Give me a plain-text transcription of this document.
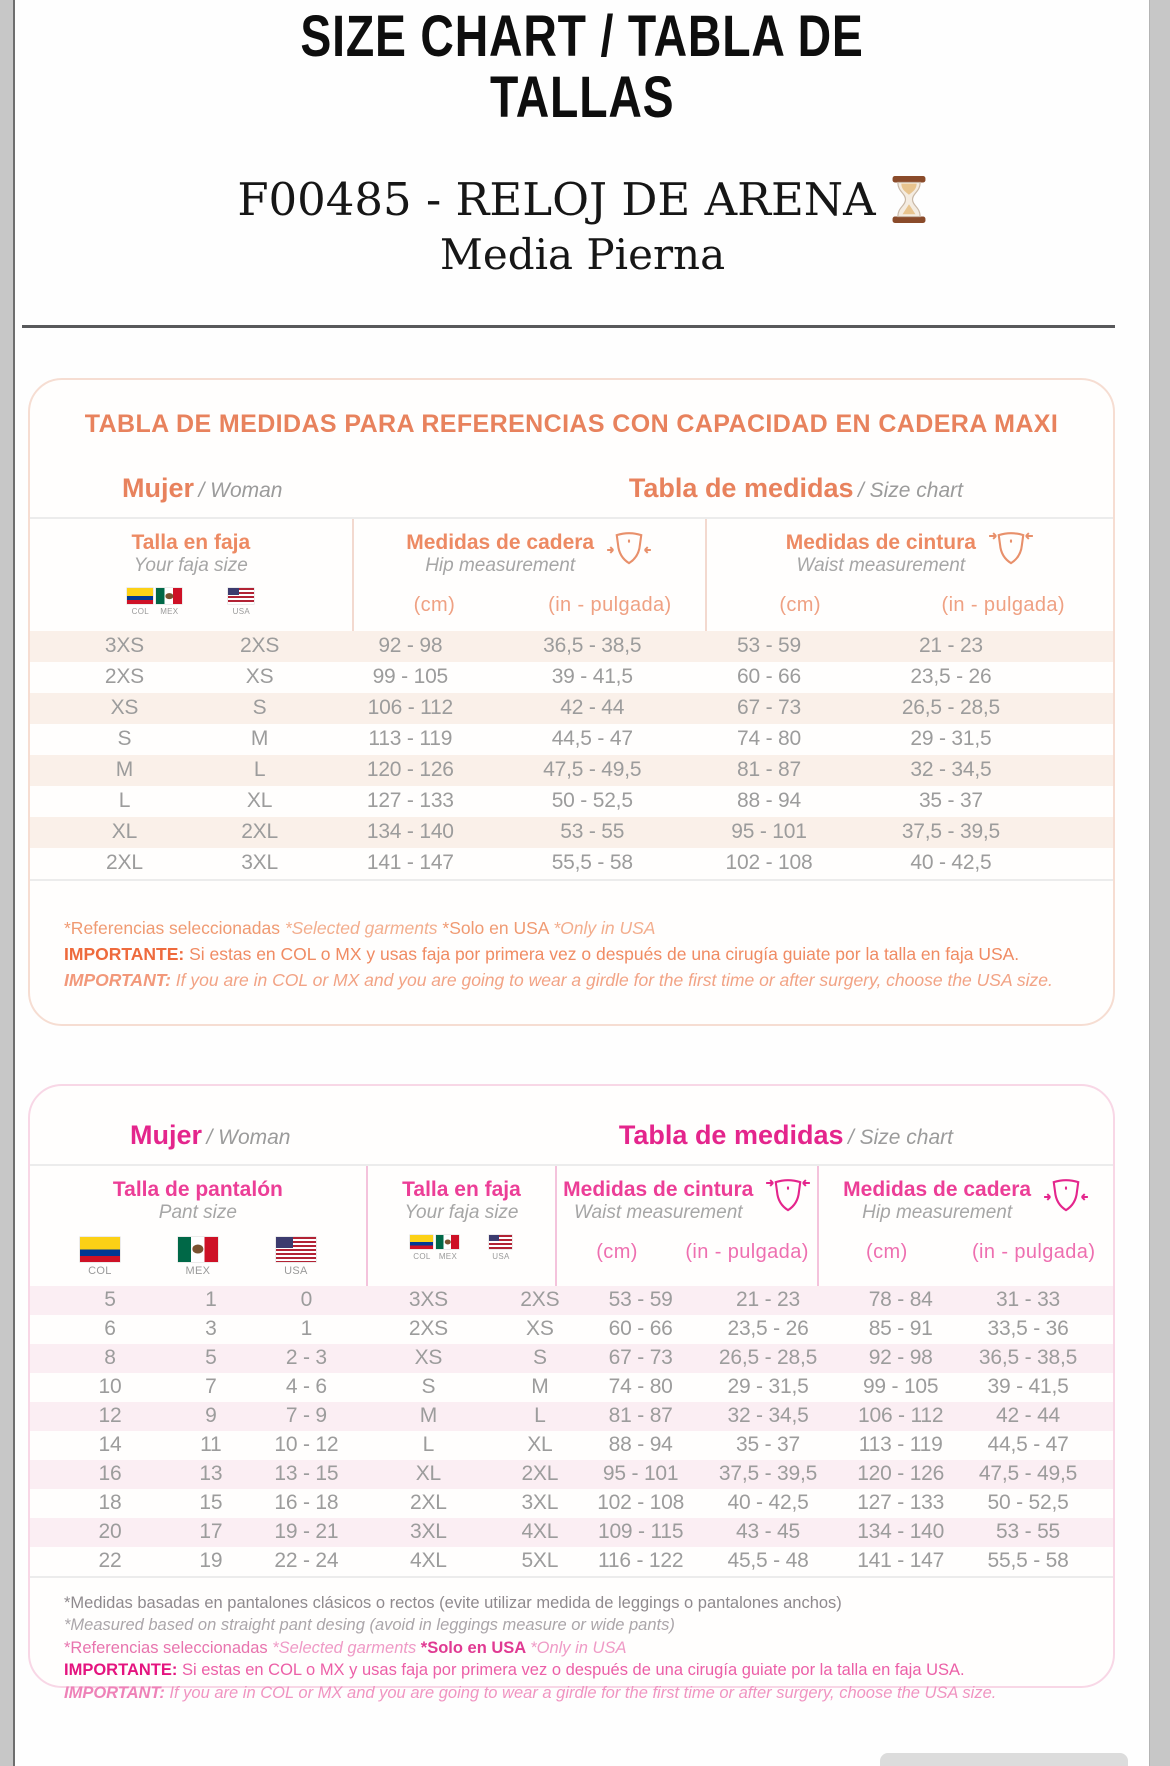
SIZE CHART / TABLA DE
TALLAS
F00485 - RELOJ DE ARENA
Media Pierna
TABLA DE MEDIDAS PARA REFERENCIAS CON CAPACIDAD EN CADERA MAXI
Mujer / Woman	Tabla de medidas / Size chart
Talla en faja
Your faja size
COL MEX	USA
Medidas de cadera
Hip measurement
(cm)	(in - pulgada)
Medidas de cintura
Waist measurement
(cm)	(in - pulgada)
3XS	2XS	92 - 98	36,5 - 38,5	53 - 59	21 - 23
2XS	XS	99 - 105	39 - 41,5	60 - 66	23,5 - 26
XS	S	106 - 112	42 - 44	67 - 73	26,5 - 28,5
S	M	113 - 119	44,5 - 47	74 - 80	29 - 31,5
M	L	120 - 126	47,5 - 49,5	81 - 87	32 - 34,5
L	XL	127 - 133	50 - 52,5	88 - 94	35 - 37
XL	2XL	134 - 140	53 - 55	95 - 101	37,5 - 39,5
2XL	3XL	141 - 147	55,5 - 58	102 - 108	40 - 42,5
*Referencias seleccionadas *Selected garments *Solo en USA *Only in USA
IMPORTANTE: Si estas en COL o MX y usas faja por primera vez o después de una cirugía guiate por la talla en faja USA.
IMPORTANT: If you are in COL or MX and you are going to wear a girdle for the first time or after surgery, choose the USA size.
Mujer / Woman	Tabla de medidas / Size chart
Talla de pantalón
Pant size
COL	MEX	USA
Talla en faja
Your faja size
COL MEX	USA
Medidas de cintura
Waist measurement
(cm)	(in - pulgada)
Medidas de cadera
Hip measurement
(cm)	(in - pulgada)
5	1	0	3XS	2XS	53 - 59	21 - 23	78 - 84	31 - 33
6	3	1	2XS	XS	60 - 66	23,5 - 26	85 - 91	33,5 - 36
8	5	2 - 3	XS	S	67 - 73	26,5 - 28,5	92 - 98	36,5 - 38,5
10	7	4 - 6	S	M	74 - 80	29 - 31,5	99 - 105	39 - 41,5
12	9	7 - 9	M	L	81 - 87	32 - 34,5	106 - 112	42 - 44
14	11	10 - 12	L	XL	88 - 94	35 - 37	113 - 119	44,5 - 47
16	13	13 - 15	XL	2XL	95 - 101	37,5 - 39,5	120 - 126	47,5 - 49,5
18	15	16 - 18	2XL	3XL	102 - 108	40 - 42,5	127 - 133	50 - 52,5
20	17	19 - 21	3XL	4XL	109 - 115	43 - 45	134 - 140	53 - 55
22	19	22 - 24	4XL	5XL	116 - 122	45,5 - 48	141 - 147	55,5 - 58
*Medidas basadas en pantalones clásicos o rectos (evite utilizar medida de leggings o pantalones anchos)
*Measured based on straight pant desing (avoid in leggings measure or wide pants)
*Referencias seleccionadas *Selected garments *Solo en USA *Only in USA
IMPORTANTE: Si estas en COL o MX y usas faja por primera vez o después de una cirugía guiate por la talla en faja USA.
IMPORTANT: If you are in COL or MX and you are going to wear a girdle for the first time or after surgery, choose the USA size.
